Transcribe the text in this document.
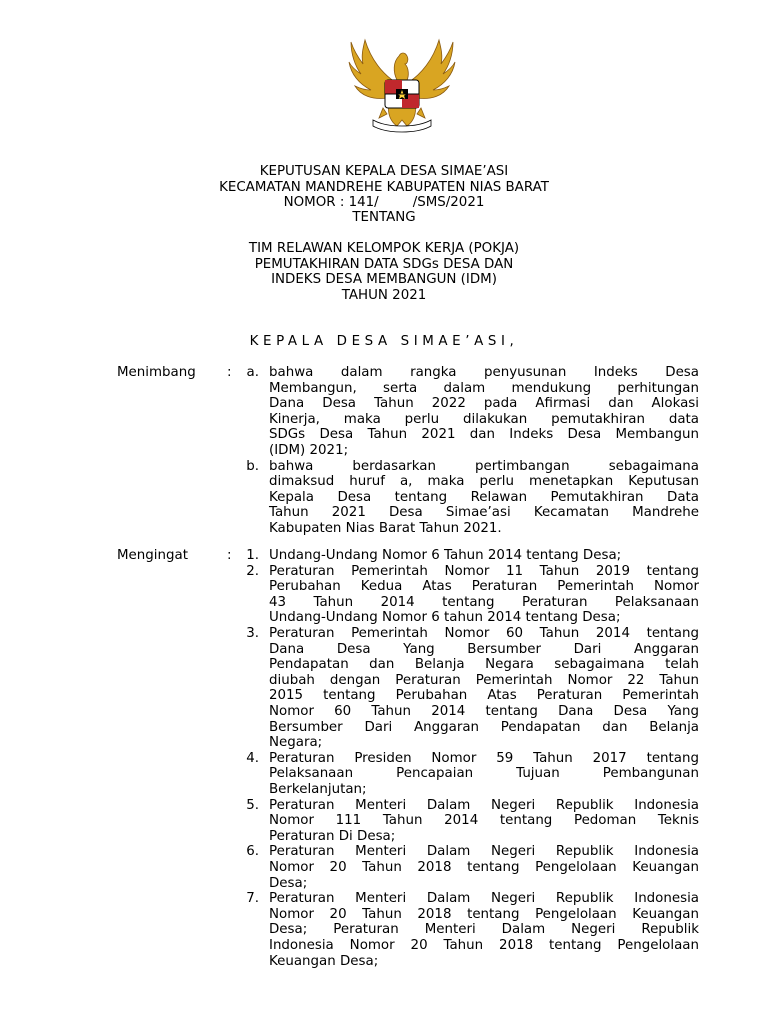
KEPUTUSAN KEPALA DESA SIMAE’ASI
KECAMATAN MANDREHE KABUPATEN NIAS BARAT
NOMOR : 141/        /SMS/2021
TENTANG
TIM RELAWAN KELOMPOK KERJA (POKJA)
PEMUTAKHIRAN DATA SDGs DESA DAN
INDEKS DESA MEMBANGUN (IDM)
TAHUN 2021
KEPALA DESA SIMAE’ASI,
Menimbang :	a. bahwa dalam rangka penyusunan Indeks Desa
Membangun, serta dalam mendukung perhitungan
Dana Desa Tahun 2022 pada Afirmasi dan Alokasi
Kinerja, maka perlu dilakukan pemutakhiran data
SDGs Desa Tahun 2021 dan Indeks Desa Membangun
(IDM) 2021;
b. bahwa berdasarkan pertimbangan sebagaimana
dimaksud huruf a, maka perlu menetapkan Keputusan
Kepala Desa tentang Relawan Pemutakhiran Data
Tahun 2021 Desa Simae’asi Kecamatan Mandrehe
Kabupaten Nias Barat Tahun 2021.
Mengingat	:	1. Undang-Undang Nomor 6 Tahun 2014 tentang Desa;
2. Peraturan Pemerintah Nomor 11 Tahun 2019 tentang
Perubahan Kedua Atas Peraturan Pemerintah Nomor
43 Tahun 2014 tentang Peraturan Pelaksanaan
Undang-Undang Nomor 6 tahun 2014 tentang Desa;
3. Peraturan Pemerintah Nomor 60 Tahun 2014 tentang
Dana Desa Yang Bersumber Dari Anggaran
Pendapatan dan Belanja Negara sebagaimana telah
diubah dengan Peraturan Pemerintah Nomor 22 Tahun
2015 tentang Perubahan Atas Peraturan Pemerintah
Nomor 60 Tahun 2014 tentang Dana Desa Yang
Bersumber Dari Anggaran Pendapatan dan Belanja
Negara;
4. Peraturan Presiden Nomor 59 Tahun 2017 tentang
Pelaksanaan Pencapaian Tujuan Pembangunan
Berkelanjutan;
5. Peraturan Menteri Dalam Negeri Republik Indonesia
Nomor 111 Tahun 2014 tentang Pedoman Teknis
Peraturan Di Desa;
6. Peraturan Menteri Dalam Negeri Republik Indonesia
Nomor 20 Tahun 2018 tentang Pengelolaan Keuangan
Desa;
7. Peraturan Menteri Dalam Negeri Republik Indonesia
Nomor 20 Tahun 2018 tentang Pengelolaan Keuangan
Desa; Peraturan Menteri Dalam Negeri Republik
Indonesia Nomor 20 Tahun 2018 tentang Pengelolaan
Keuangan Desa;
